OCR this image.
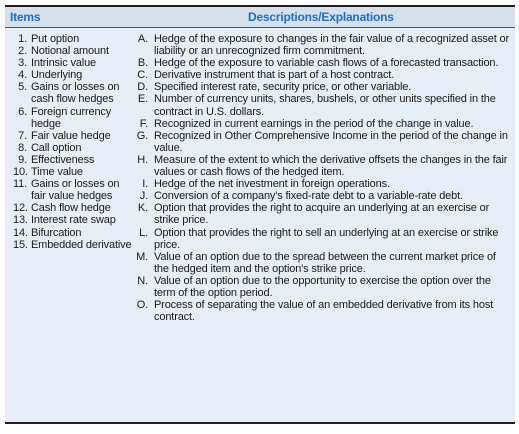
Items	Descriptions/Explanations
1. Put option
2. Notional amount
3. Intrinsic value
4. Underlying
5. Gains or losses on cash flow hedges
6. Foreign currency hedge
7. Fair value hedge
8. Call option
9. Effectiveness
10. Time value
11. Gains or losses on fair value hedges
12. Cash flow hedge
13. Interest rate swap
14. Bifurcation
15. Embedded derivative
A. Hedge of the exposure to changes in the fair value of a recognized asset or liability or an unrecognized firm commitment.
B. Hedge of the exposure to variable cash flows of a forecasted transaction.
C. Derivative instrument that is part of a host contract.
D. Specified interest rate, security price, or other variable.
E. Number of currency units, shares, bushels, or other units specified in the contract in U.S. dollars.
F. Recognized in current earnings in the period of the change in value.
G. Recognized in Other Comprehensive Income in the period of the change in value.
H. Measure of the extent to which the derivative offsets the changes in the fair values or cash flows of the hedged item.
I. Hedge of the net investment in foreign operations.
J. Conversion of a company's fixed-rate debt to a variable-rate debt.
K. Option that provides the right to acquire an underlying at an exercise or strike price.
L. Option that provides the right to sell an underlying at an exercise or strike price.
M. Value of an option due to the spread between the current market price of the hedged item and the option's strike price.
N. Value of an option due to the opportunity to exercise the option over the term of the option period.
O. Process of separating the value of an embedded derivative from its host contract.
